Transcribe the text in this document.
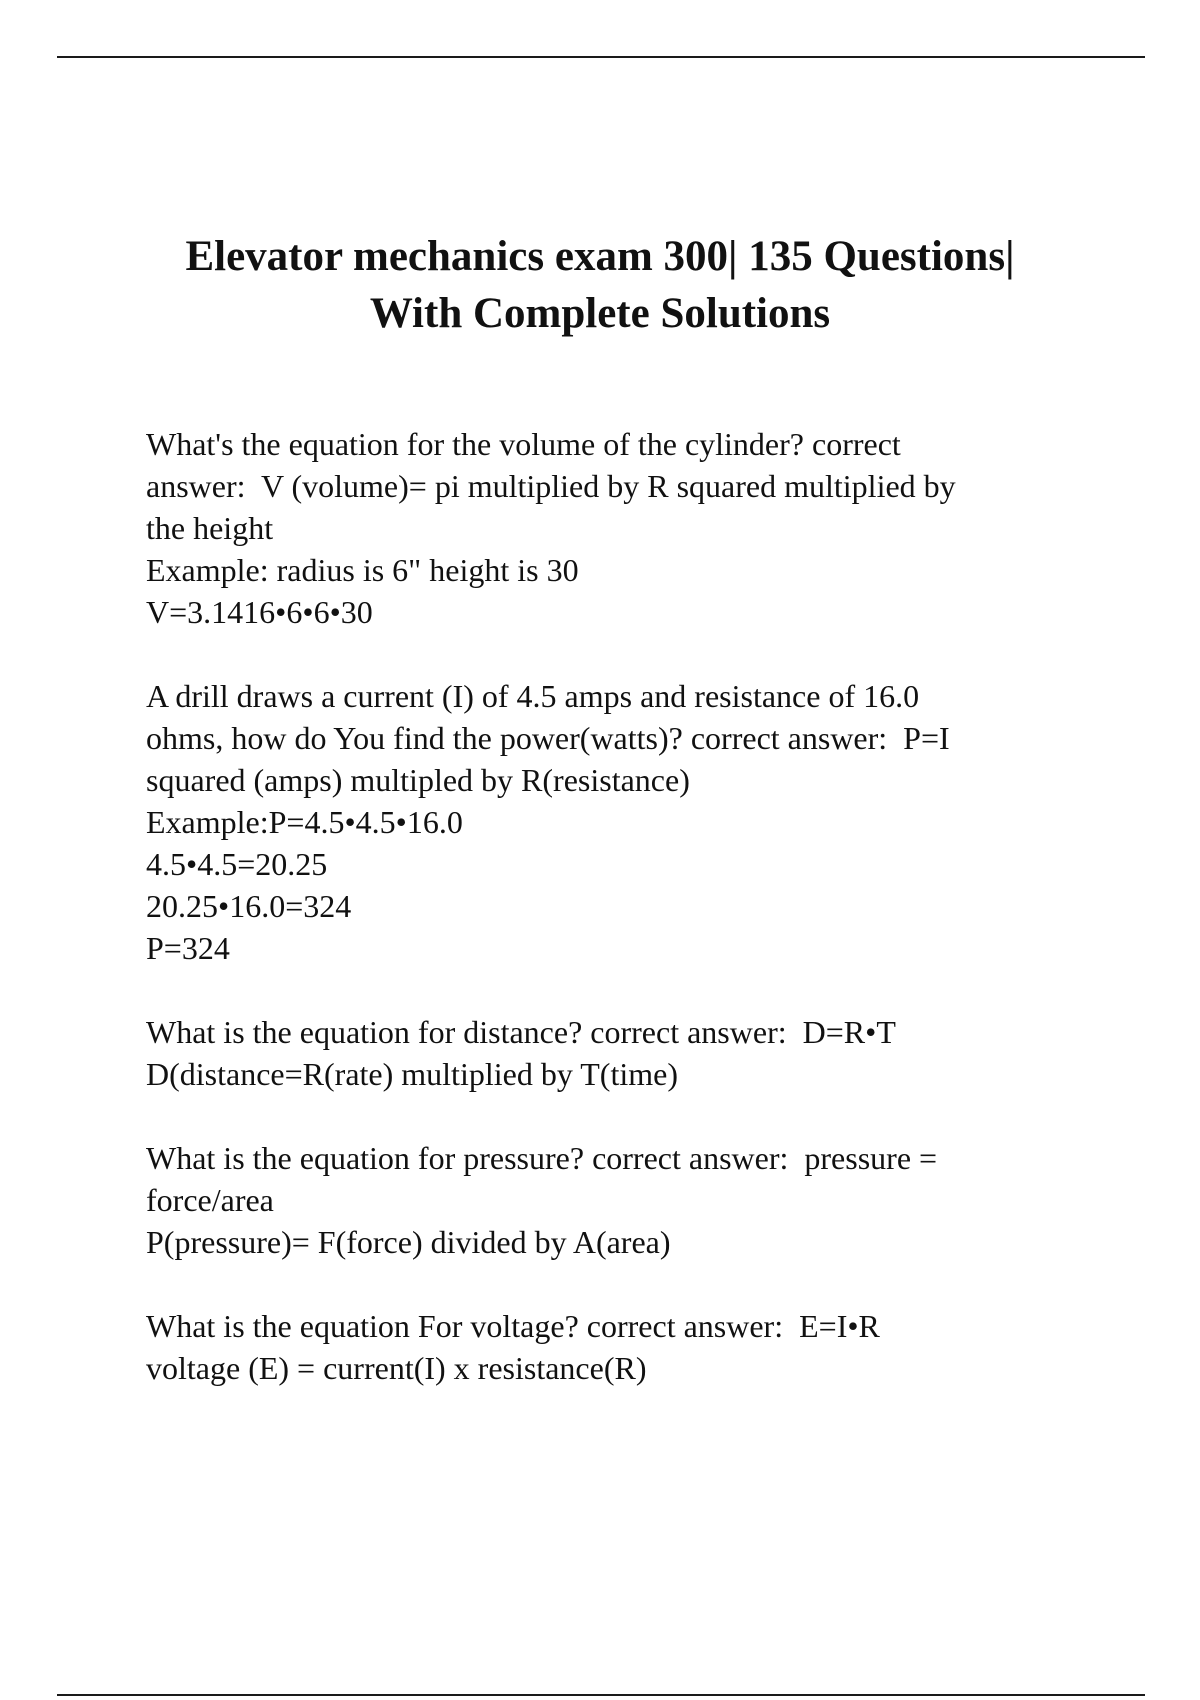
Elevator mechanics exam 300| 135 Questions|
With Complete Solutions

What's the equation for the volume of the cylinder? correct
answer:  V (volume)= pi multiplied by R squared multiplied by
the height
Example: radius is 6" height is 30
V=3.1416•6•6•30

A drill draws a current (I) of 4.5 amps and resistance of 16.0
ohms, how do You find the power(watts)? correct answer:  P=I
squared (amps) multipled by R(resistance)
Example:P=4.5•4.5•16.0
4.5•4.5=20.25
20.25•16.0=324
P=324

What is the equation for distance? correct answer:  D=R•T
D(distance=R(rate) multiplied by T(time)

What is the equation for pressure? correct answer:  pressure =
force/area
P(pressure)= F(force) divided by A(area)

What is the equation For voltage? correct answer:  E=I•R
voltage (E) = current(I) x resistance(R)
